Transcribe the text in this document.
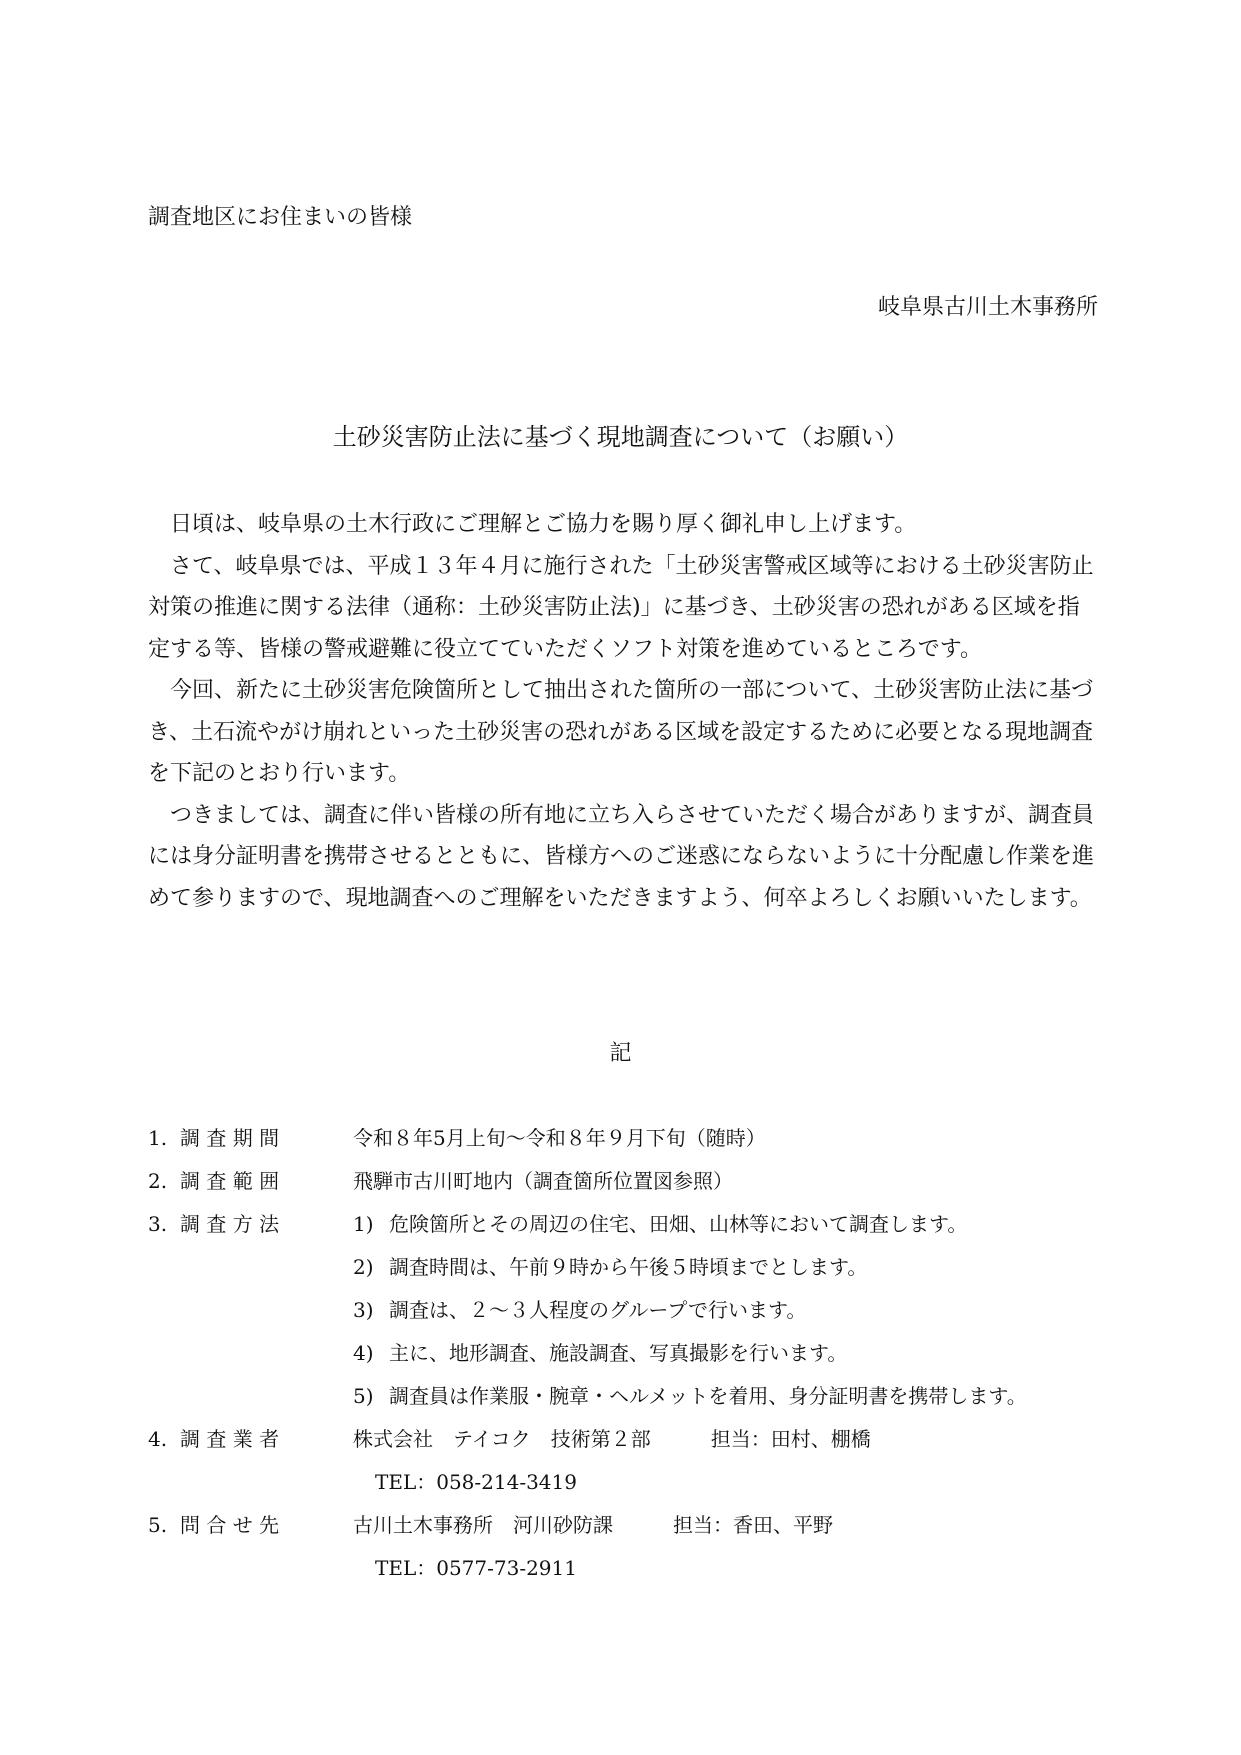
調査地区にお住まいの皆様
岐阜県古川土木事務所
土砂災害防止法に基づく現地調査について（お願い）

日頃は、岐阜県の土木行政にご理解とご協力を賜り厚く御礼申し上げます。

さて、岐阜県では、平成１３年４月に施行された「土砂災害警戒区域等における土砂災害防止対策の推進に関する法律（通称：土砂災害防止法)」に基づき、土砂災害の恐れがある区域を指定する等、皆様の警戒避難に役立てていただくソフト対策を進めているところです。

今回、新たに土砂災害危険箇所として抽出された箇所の一部について、土砂災害防止法に基づき、土石流やがけ崩れといった土砂災害の恐れがある区域を設定するために必要となる現地調査を下記のとおり行います。

つきましては、調査に伴い皆様の所有地に立ち入らさせていただく場合がありますが、調査員には身分証明書を携帯させるとともに、皆様方へのご迷惑にならないように十分配慮し作業を進めて参りますので、現地調査へのご理解をいただきますよう、何卒よろしくお願いいたします。

記
1. 調 査 期 間	令和８年5月上旬～令和８年９月下旬（随時）
2. 調 査 範 囲	飛騨市古川町地内（調査箇所位置図参照）
3. 調 査 方 法	1) 危険箇所とその周辺の住宅、田畑、山林等において調査します。
2) 調査時間は、午前９時から午後５時頃までとします。
3) 調査は、２～３人程度のグループで行います。
4) 主に、地形調査、施設調査、写真撮影を行います。
5) 調査員は作業服・腕章・ヘルメットを着用、身分証明書を携帯します。
4. 調 査 業 者	株式会社　テイコク　技術第２部　　　担当：田村、棚橋
TEL：058-214-3419
5. 問 合 せ 先	古川土木事務所　河川砂防課　　　担当：香田、平野
TEL：0577-73-2911
